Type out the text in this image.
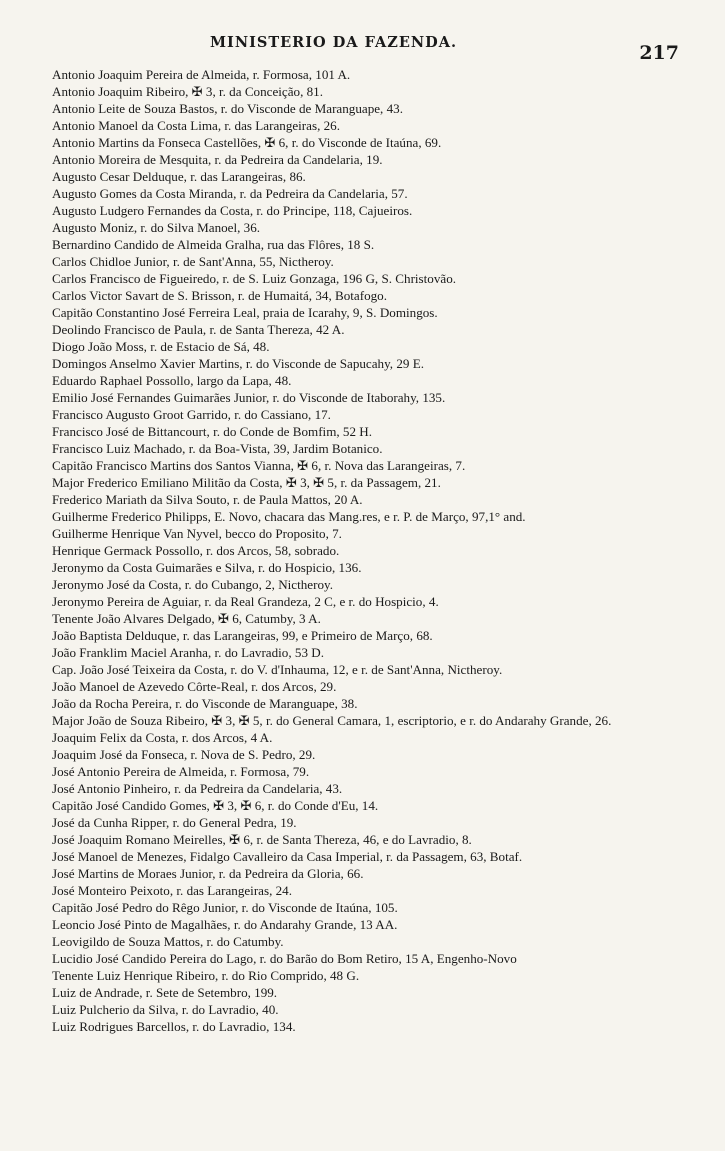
MINISTERIO DA FAZENDA.	217
Antonio Joaquim Pereira de Almeida, r. Formosa, 101 A.
Antonio Joaquim Ribeiro, ✠ 3, r. da Conceição, 81.
Antonio Leite de Souza Bastos, r. do Visconde de Maranguape, 43.
Antonio Manoel da Costa Lima, r. das Larangeiras, 26.
Antonio Martins da Fonseca Castellões, ✠ 6, r. do Visconde de Itaúna, 69.
Antonio Moreira de Mesquita, r. da Pedreira da Candelaria, 19.
Augusto Cesar Delduque, r. das Larangeiras, 86.
Augusto Gomes da Costa Miranda, r. da Pedreira da Candelaria, 57.
Augusto Ludgero Fernandes da Costa, r. do Principe, 118, Cajueiros.
Augusto Moniz, r. do Silva Manoel, 36.
Bernardino Candido de Almeida Gralha, rua das Flôres, 18 S.
Carlos Chidloe Junior, r. de Sant'Anna, 55, Nictheroy.
Carlos Francisco de Figueiredo, r. de S. Luiz Gonzaga, 196 G, S. Christovão.
Carlos Victor Savart de S. Brisson, r. de Humaitá, 34, Botafogo.
Capitão Constantino José Ferreira Leal, praia de Icarahy, 9, S. Domingos.
Deolindo Francisco de Paula, r. de Santa Thereza, 42 A.
Diogo João Moss, r. de Estacio de Sá, 48.
Domingos Anselmo Xavier Martins, r. do Visconde de Sapucahy, 29 E.
Eduardo Raphael Possollo, largo da Lapa, 48.
Emilio José Fernandes Guimarães Junior, r. do Visconde de Itaborahy, 135.
Francisco Augusto Groot Garrido, r. do Cassiano, 17.
Francisco José de Bittancourt, r. do Conde de Bomfim, 52 H.
Francisco Luiz Machado, r. da Boa-Vista, 39, Jardim Botanico.
Capitão Francisco Martins dos Santos Vianna, ✠ 6, r. Nova das Larangeiras, 7.
Major Frederico Emiliano Militão da Costa, ✠ 3, ✠ 5, r. da Passagem, 21.
Frederico Mariath da Silva Souto, r. de Paula Mattos, 20 A.
Guilherme Frederico Philipps, E. Novo, chacara das Mang.res, e r. P. de Março, 97,1° and.
Guilherme Henrique Van Nyvel, becco do Proposito, 7.
Henrique Germack Possollo, r. dos Arcos, 58, sobrado.
Jeronymo da Costa Guimarães e Silva, r. do Hospicio, 136.
Jeronymo José da Costa, r. do Cubango, 2, Nictheroy.
Jeronymo Pereira de Aguiar, r. da Real Grandeza, 2 C, e r. do Hospicio, 4.
Tenente João Alvares Delgado, ✠ 6, Catumby, 3 A.
João Baptista Delduque, r. das Larangeiras, 99, e Primeiro de Março, 68.
João Franklim Maciel Aranha, r. do Lavradio, 53 D.
Cap. João José Teixeira da Costa, r. do V. d'Inhauma, 12, e r. de Sant'Anna, Nictheroy.
João Manoel de Azevedo Côrte-Real, r. dos Arcos, 29.
João da Rocha Pereira, r. do Visconde de Maranguape, 38.
Major João de Souza Ribeiro, ✠ 3, ✠ 5, r. do General Camara, 1, escriptorio, e r. do Andarahy Grande, 26.
Joaquim Felix da Costa, r. dos Arcos, 4 A.
Joaquim José da Fonseca, r. Nova de S. Pedro, 29.
José Antonio Pereira de Almeida, r. Formosa, 79.
José Antonio Pinheiro, r. da Pedreira da Candelaria, 43.
Capitão José Candido Gomes, ✠ 3, ✠ 6, r. do Conde d'Eu, 14.
José da Cunha Ripper, r. do General Pedra, 19.
José Joaquim Romano Meirelles, ✠ 6, r. de Santa Thereza, 46, e do Lavradio, 8.
José Manoel de Menezes, Fidalgo Cavalleiro da Casa Imperial, r. da Passagem, 63, Botaf.
José Martins de Moraes Junior, r. da Pedreira da Gloria, 66.
José Monteiro Peixoto, r. das Larangeiras, 24.
Capitão José Pedro do Rêgo Junior, r. do Visconde de Itaúna, 105.
Leoncio José Pinto de Magalhães, r. do Andarahy Grande, 13 AA.
Leovigildo de Souza Mattos, r. do Catumby.
Lucidio José Candido Pereira do Lago, r. do Barão do Bom Retiro, 15 A, Engenho-Novo
Tenente Luiz Henrique Ribeiro, r. do Rio Comprido, 48 G.
Luiz de Andrade, r. Sete de Setembro, 199.
Luiz Pulcherio da Silva, r. do Lavradio, 40.
Luiz Rodrigues Barcellos, r. do Lavradio, 134.
